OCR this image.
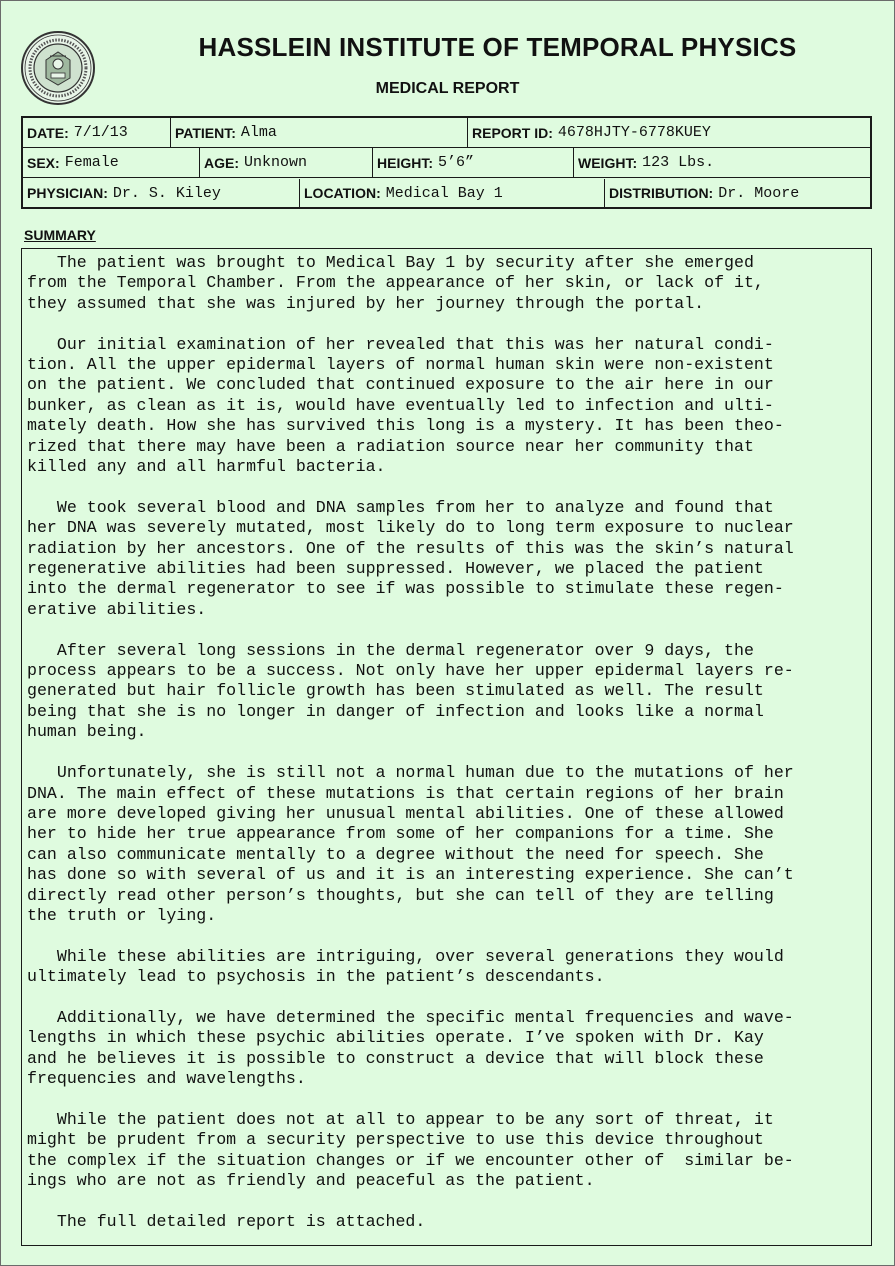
HASSLEIN INSTITUTE OF TEMPORAL PHYSICS
MEDICAL REPORT
DATE: 7/1/13	PATIENT: Alma	REPORT ID: 4678HJTY-6778KUEY
SEX: Female	AGE: Unknown	HEIGHT: 5’6”	WEIGHT: 123 Lbs.
PHYSICIAN: Dr. S. Kiley	LOCATION: Medical Bay 1	DISTRIBUTION: Dr. Moore
SUMMARY

The patient was brought to Medical Bay 1 by security after she emerged
from the Temporal Chamber. From the appearance of her skin, or lack of it,
they assumed that she was injured by her journey through the portal.

Our initial examination of her revealed that this was her natural condi-
tion. All the upper epidermal layers of normal human skin were non-existent
on the patient. We concluded that continued exposure to the air here in our
bunker, as clean as it is, would have eventually led to infection and ulti-
mately death. How she has survived this long is a mystery. It has been theo-
rized that there may have been a radiation source near her community that
killed any and all harmful bacteria.

We took several blood and DNA samples from her to analyze and found that
her DNA was severely mutated, most likely do to long term exposure to nuclear
radiation by her ancestors. One of the results of this was the skin’s natural
regenerative abilities had been suppressed. However, we placed the patient
into the dermal regenerator to see if was possible to stimulate these regen-
erative abilities.

After several long sessions in the dermal regenerator over 9 days, the
process appears to be a success. Not only have her upper epidermal layers re-
generated but hair follicle growth has been stimulated as well. The result
being that she is no longer in danger of infection and looks like a normal
human being.

Unfortunately, she is still not a normal human due to the mutations of her
DNA. The main effect of these mutations is that certain regions of her brain
are more developed giving her unusual mental abilities. One of these allowed
her to hide her true appearance from some of her companions for a time. She
can also communicate mentally to a degree without the need for speech. She
has done so with several of us and it is an interesting experience. She can’t
directly read other person’s thoughts, but she can tell of they are telling
the truth or lying.

While these abilities are intriguing, over several generations they would
ultimately lead to psychosis in the patient’s descendants.

Additionally, we have determined the specific mental frequencies and wave-
lengths in which these psychic abilities operate. I’ve spoken with Dr. Kay
and he believes it is possible to construct a device that will block these
frequencies and wavelengths.

While the patient does not at all to appear to be any sort of threat, it
might be prudent from a security perspective to use this device throughout
the complex if the situation changes or if we encounter other of  similar be-
ings who are not as friendly and peaceful as the patient.

The full detailed report is attached.
